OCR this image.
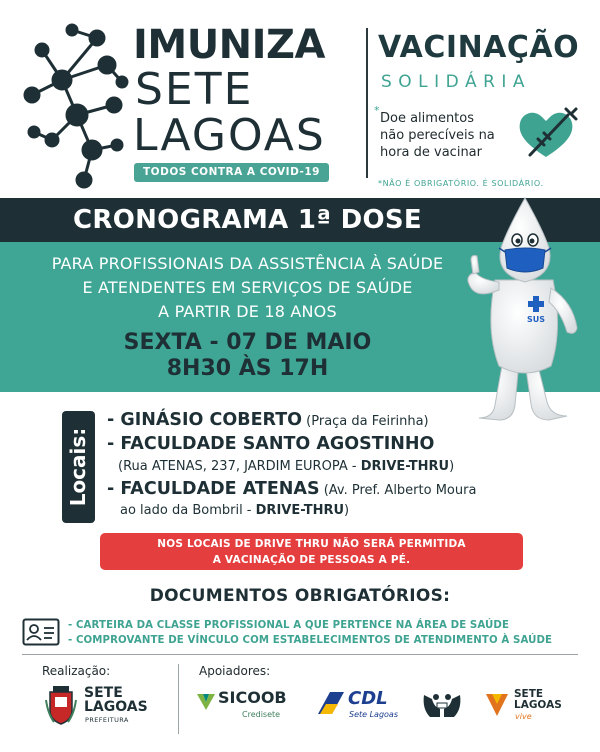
IMUNIZA
SETE
LAGOAS
TODOS CONTRA A COVID-19
VACINAÇÃO
SOLIDÁRIA
*
Doe alimentos
não perecíveis na
hora de vacinar
*NÃO É OBRIGATÓRIO. É SOLIDÁRIO.
CRONOGRAMA 1ª DOSE
PARA PROFISSIONAIS DA ASSISTÊNCIA À SAÚDE
E ATENDENTES EM SERVIÇOS DE SAÚDE
A PARTIR DE 18 ANOS
SEXTA - 07 DE MAIO
8H30 ÀS 17H
SUS
Locais:
- GINÁSIO COBERTO (Praça da Feirinha)
- FACULDADE SANTO AGOSTINHO
(Rua ATENAS, 237, JARDIM EUROPA - DRIVE-THRU)
- FACULDADE ATENAS (Av. Pref. Alberto Moura
ao lado da Bombril - DRIVE-THRU)
NOS LOCAIS DE DRIVE THRU NÃO SERÁ PERMITIDA
A VACINAÇÃO DE PESSOAS A PÉ.
DOCUMENTOS OBRIGATÓRIOS:
- CARTEIRA DA CLASSE PROFISSIONAL A QUE PERTENCE NA ÁREA DE SAÚDE
- COMPROVANTE DE VÍNCULO COM ESTABELECIMENTOS DE ATENDIMENTO À SAÚDE
Realização:	Apoiadores:
SETE
LAGOAS
PREFEITURA
SICOOB
Credisete
CDL
Sete Lagoas
SETE
LAGOAS
vive
